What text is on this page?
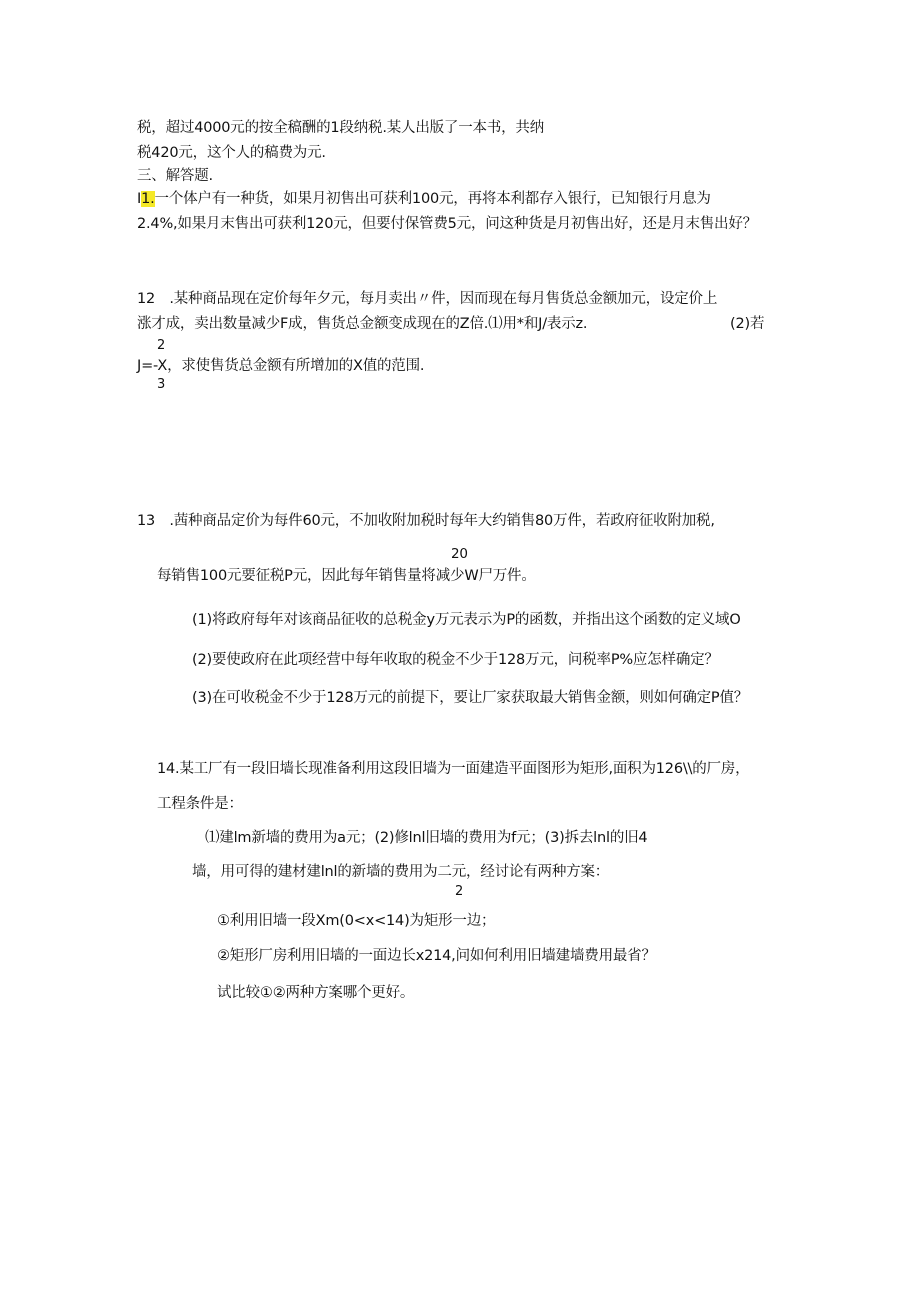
税，超过4000元的按全稿酬的1段纳税.某人出版了一本书，共纳
税420元，这个人的稿费为元.
三、解答题.
I1.一个体户有一种货，如果月初售出可获利100元，再将本利都存入银行，已知银行月息为
2.4%,如果月末售出可获利120元，但要付保管费5元，问这种货是月初售出好，还是月末售出好？
12　.某种商品现在定价每年夕元，每月卖出〃件，因而现在每月售货总金额加元，设定价上
涨才成，卖出数量减少F成，售货总金额变成现在的Z倍.⑴用*和J/表示z.	(2)若
2
J=-X，求使售货总金额有所增加的X值的范围.
3
13　.茜种商品定价为每件60元，不加收附加税时每年大约销售80万件，若政府征收附加税,
20
每销售100元要征税P元，因此每年销售量将减少W尸万件。
(1)将政府每年对该商品征收的总税金y万元表示为P的函数，并指出这个函数的定义域O
(2)要使政府在此项经营中每年收取的税金不少于128万元，问税率P%应怎样确定？
(3)在可收税金不少于128万元的前提下，要让厂家获取最大销售金额，则如何确定P值？
14.某工厂有一段旧墙长现准备利用这段旧墙为一面建造平面图形为矩形,面积为126\\的厂房，
工程条件是：
⑴建lm新墙的费用为a元；(2)修lnl旧墙的费用为f元；(3)拆去lnl的旧4
墙，用可得的建材建lnl的新墙的费用为二元，经讨论有两种方案：
2
①利用旧墙一段Xm(0<x<14)为矩形一边；
②矩形厂房利用旧墙的一面边长x214,问如何利用旧墙建墙费用最省？
试比较①②两种方案哪个更好。
